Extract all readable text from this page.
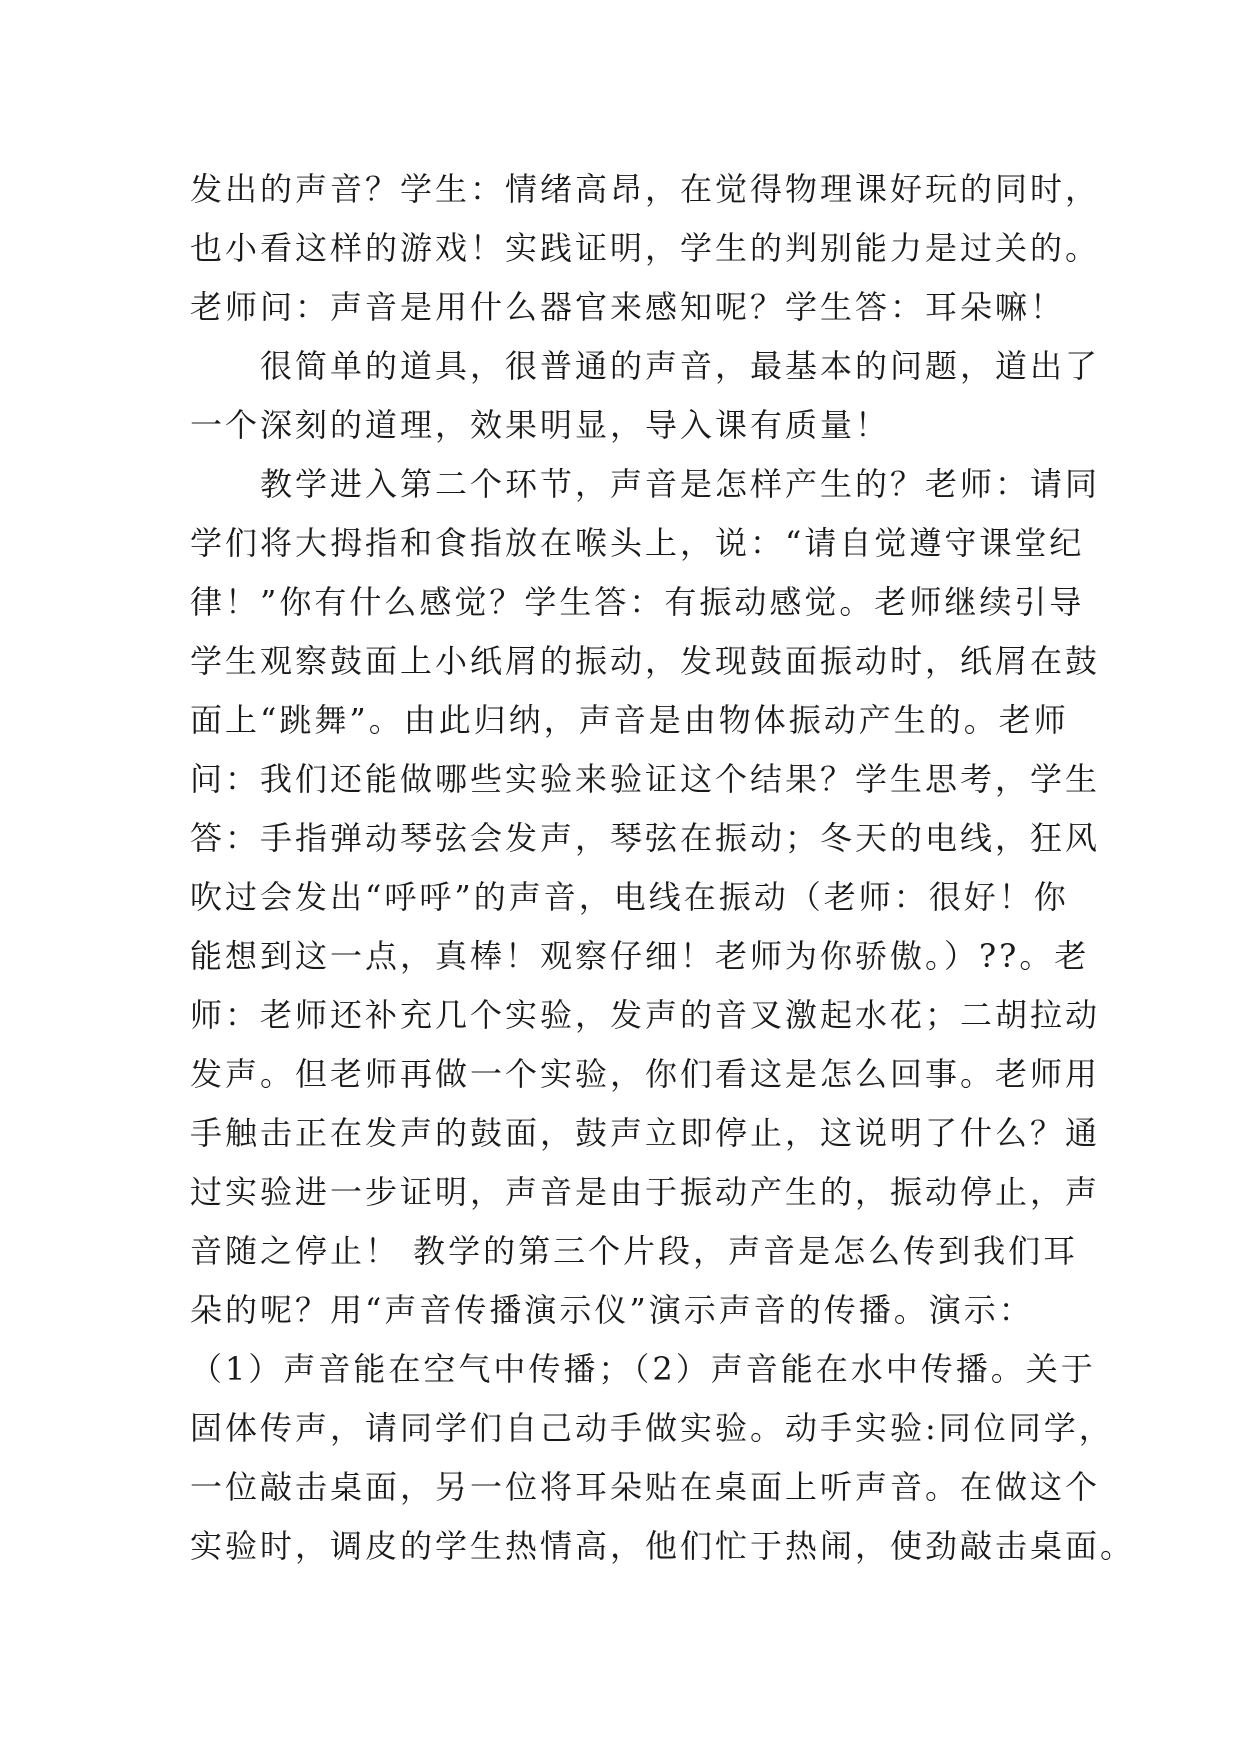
发出的声音？学生：情绪高昂，在觉得物理课好玩的同时，
也小看这样的游戏！实践证明，学生的判别能力是过关的。
老师问：声音是用什么器官来感知呢？学生答：耳朵嘛！
　　很简单的道具，很普通的声音，最基本的问题，道出了
一个深刻的道理，效果明显，导入课有质量！
　　教学进入第二个环节，声音是怎样产生的？老师：请同
学们将大拇指和食指放在喉头上，说：“请自觉遵守课堂纪
律！”你有什么感觉？学生答：有振动感觉。老师继续引导
学生观察鼓面上小纸屑的振动，发现鼓面振动时，纸屑在鼓
面上“跳舞”。由此归纳，声音是由物体振动产生的。老师
问：我们还能做哪些实验来验证这个结果？学生思考，学生
答：手指弹动琴弦会发声，琴弦在振动；冬天的电线，狂风
吹过会发出“呼呼”的声音，电线在振动（老师：很好！你
能想到这一点，真棒！观察仔细！老师为你骄傲。）??。老
师：老师还补充几个实验，发声的音叉激起水花；二胡拉动
发声。但老师再做一个实验，你们看这是怎么回事。老师用
手触击正在发声的鼓面，鼓声立即停止，这说明了什么？通
过实验进一步证明，声音是由于振动产生的，振动停止，声
音随之停止！ 教学的第三个片段，声音是怎么传到我们耳
朵的呢？用“声音传播演示仪”演示声音的传播。演示：
（1）声音能在空气中传播；（2）声音能在水中传播。关于
固体传声，请同学们自己动手做实验。动手实验:同位同学，
一位敲击桌面，另一位将耳朵贴在桌面上听声音。在做这个
实验时，调皮的学生热情高，他们忙于热闹，使劲敲击桌面。
